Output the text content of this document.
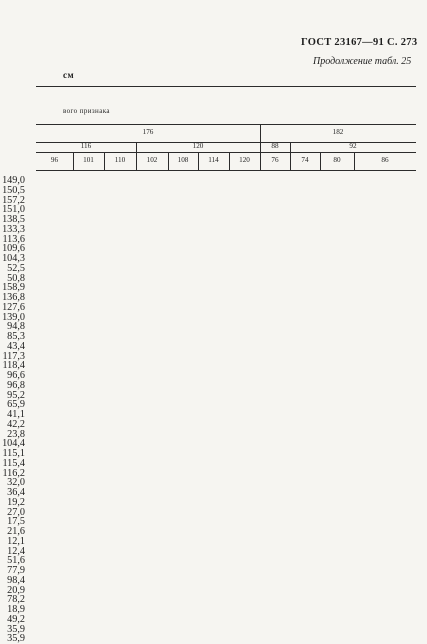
ГОСТ 23167—91 С. 273
Продолжение табл. 25
см
вого признака
176	182
116	120	88	92
96	101	110	102	108	114	120	76	74	80	86
149,0
150,5
157,2
151,0
138,5
133,3
113,6
109,6
104,3
52,5
50,8
158,9
136,8
127,6
139,0
94,8
85,3
43,4
117,3
118,4
96,6
96,8
95,2
65,9
41,1
42,2
23,8
104,4
115,1
115,4
116,2
32,0
36,4
19,2
27,0
17,5
21,6
12,1
12,4
51,6
77,9
98,4
20,9
78,2
18,9
49,2
35,9
35,9
